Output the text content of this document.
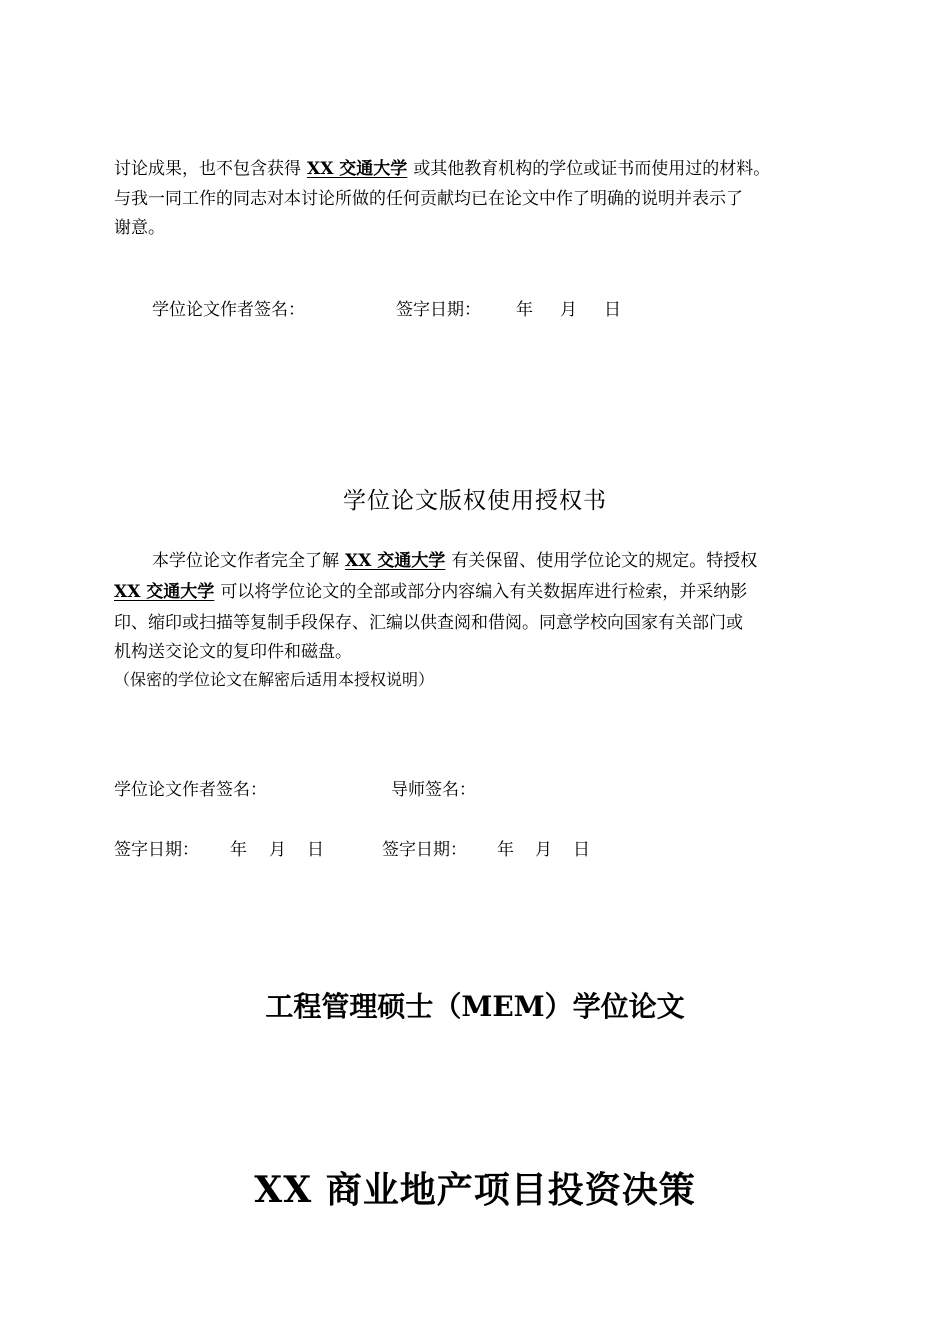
讨论成果，也不包含获得 XX 交通大学 或其他教育机构的学位或证书而使用过的材料。
与我一同工作的同志对本讨论所做的任何贡献均已在论文中作了明确的说明并表示了
谢意。
学位论文作者签名：	签字日期： 年 月 日
学位论文版权使用授权书
本学位论文作者完全了解 XX 交通大学 有关保留、使用学位论文的规定。特授权
XX 交通大学 可以将学位论文的全部或部分内容编入有关数据库进行检索，并采纳影
印、缩印或扫描等复制手段保存、汇编以供查阅和借阅。同意学校向国家有关部门或
机构送交论文的复印件和磁盘。
（保密的学位论文在解密后适用本授权说明）
学位论文作者签名：	导师签名：
签字日期： 年 月 日	签字日期： 年 月 日
工程管理硕士（MEM）学位论文
XX 商业地产项目投资决策
